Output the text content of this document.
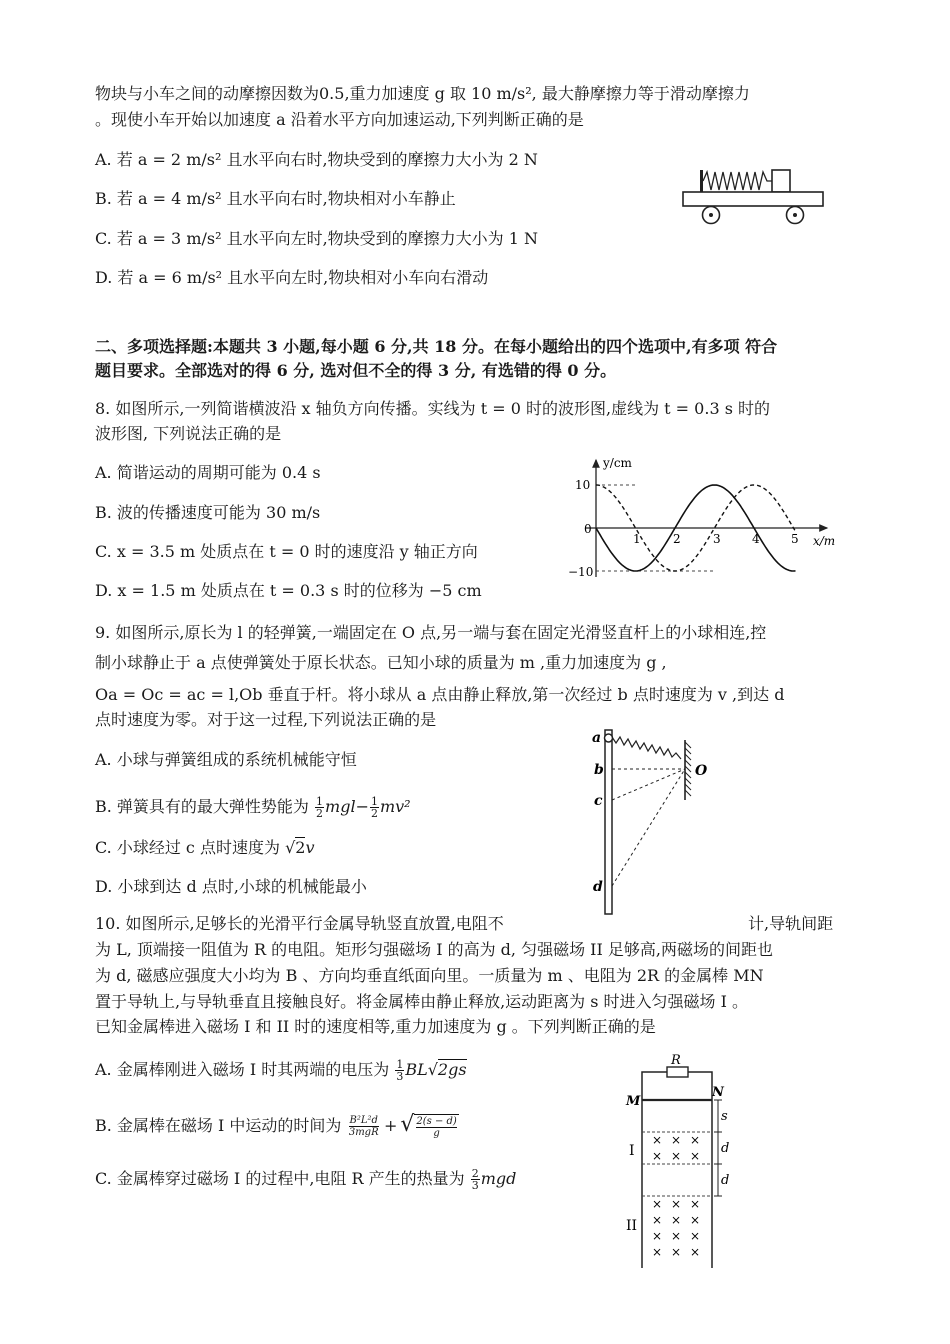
物块与小车之间的动摩擦因数为0.5,重力加速度 g 取 10 m/s², 最大静摩擦力等于滑动摩擦力
。现使小车开始以加速度 a 沿着水平方向加速运动,下列判断正确的是
A. 若 a = 2 m/s² 且水平向右时,物块受到的摩擦力大小为 2 N
B. 若 a = 4 m/s² 且水平向右时,物块相对小车静止
C. 若 a = 3 m/s² 且水平向左时,物块受到的摩擦力大小为 1 N
D. 若 a = 6 m/s² 且水平向左时,物块相对小车向右滑动
二、多项选择题:本题共 3 小题,每小题 6 分,共 18 分。在每小题给出的四个选项中,有多项 符合
题目要求。全部选对的得 6 分, 选对但不全的得 3 分, 有选错的得 0 分。
8. 如图所示,一列简谐横波沿 x 轴负方向传播。实线为 t = 0 时的波形图,虚线为 t = 0.3 s 时的
波形图, 下列说法正确的是
A. 简谐运动的周期可能为 0.4 s
B. 波的传播速度可能为 30 m/s
C. x = 3.5 m 处质点在 t = 0 时的速度沿 y 轴正方向
D. x = 1.5 m 处质点在 t = 0.3 s 时的位移为 −5 cm
y/cm
10
−10
0
1	2	3	4	5 x/m
9. 如图所示,原长为 l 的轻弹簧,一端固定在 O 点,另一端与套在固定光滑竖直杆上的小球相连,控
制小球静止于 a 点使弹簧处于原长状态。已知小球的质量为 m ,重力加速度为 g ,
Oa = Oc = ac = l,Ob 垂直于杆。将小球从 a 点由静止释放,第一次经过 b 点时速度为 v ,到达 d
点时速度为零。对于这一过程,下列说法正确的是
A. 小球与弹簧组成的系统机械能守恒
B. 弹簧具有的最大弹性势能为 $\frac{1}{2} mgl- \frac{1}{2} mv^2$
C. 小球经过 c 点时速度为 √2v
D. 小球到达 d 点时,小球的机械能最小
a
b
c
d
O
10. 如图所示,足够长的光滑平行金属导轨竖直放置,电阻不	计,导轨间距
为 L, 顶端接一阻值为 R 的电阻。矩形匀强磁场 I 的高为 d, 匀强磁场 II 足够高,两磁场的间距也
为 d, 磁感应强度大小均为 B 、方向均垂直纸面向里。一质量为 m 、电阻为 2R 的金属棒 MN
置于导轨上,与导轨垂直且接触良好。将金属棒由静止释放,运动距离为 s 时进入匀强磁场 I 。
已知金属棒进入磁场 I 和 II 时的速度相等,重力加速度为 g 。下列判断正确的是
A. 金属棒刚进入磁场 I 时其两端的电压为 $\frac{1}{3} BL√2gs$
B. 金属棒在磁场 I 中运动的时间为 B²L²d
3mgR + √ $\frac{2(s - d)}{g}$
C. 金属棒穿过磁场 I 的过程中,电阻 R 产生的热量为 $\frac{2}{3}$ mgd
R
M
N
s
d
d
I
II
× × ×
× × ×
× × ×
× × ×
× × ×
× × ×
